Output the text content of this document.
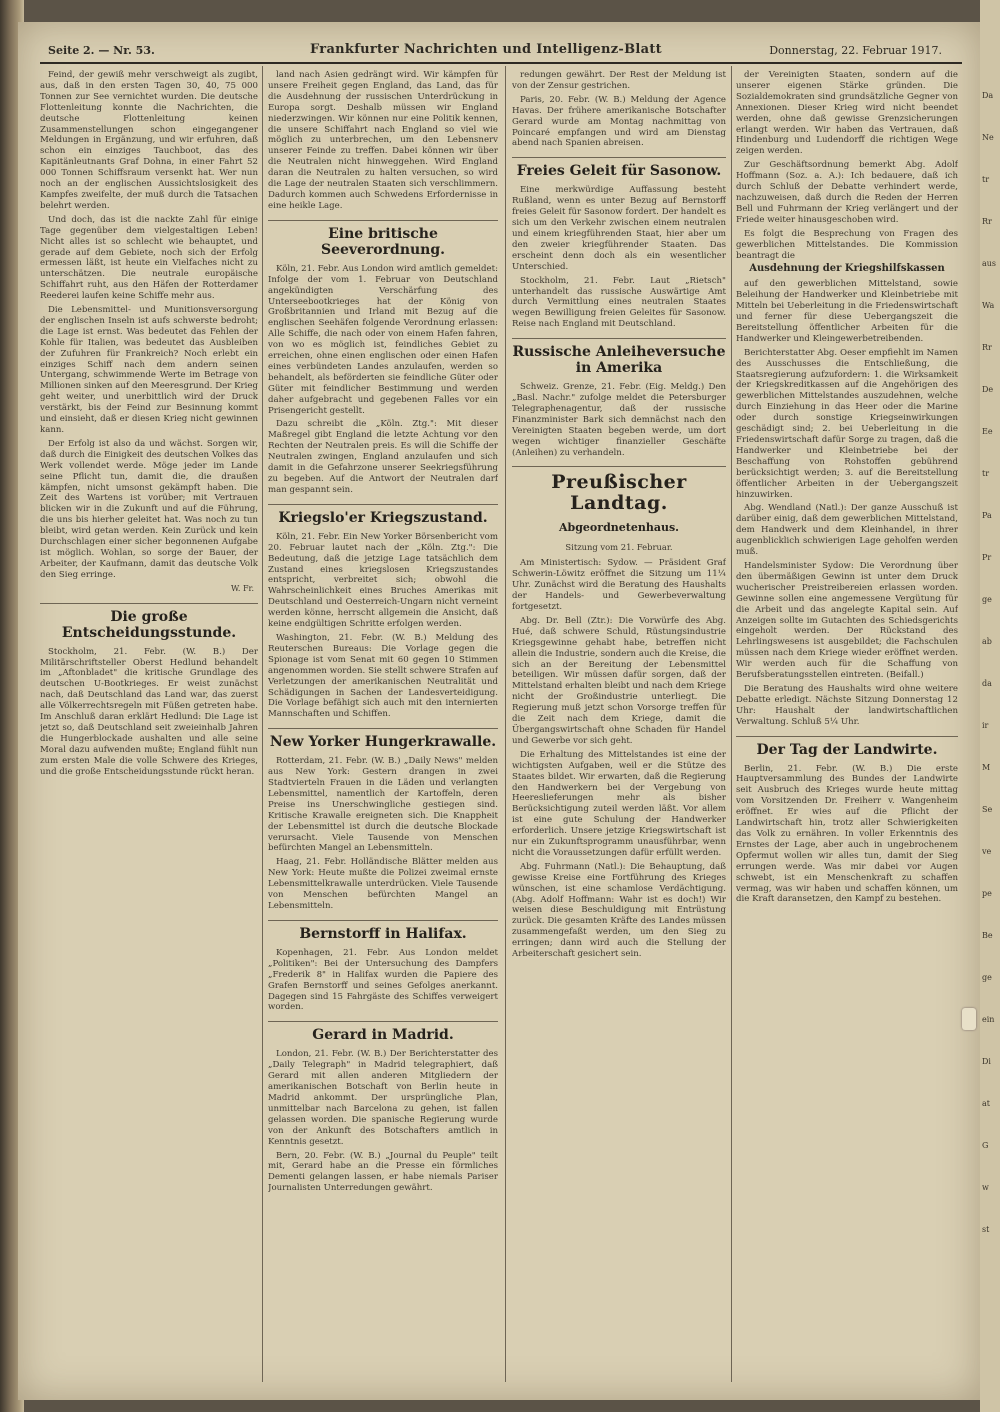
Da
Ne
tr
Rr
aus
Wa
Rr
De
Ee
tr
Pa
Pr
ge
ab
da
ir
M
Se
ve
pe
Be
ge
ein
Di
at
G
w
st
Seite 2. — Nr. 53.	Frankfurter Nachrichten und Intelligenz-Blatt	Donnerstag, 22. Februar 1917.

Feind, der gewiß mehr verschweigt als zugibt, aus, daß in den ersten Tagen 30, 40, 75 000 Tonnen zur See vernichtet wurden. Die deutsche Flottenleitung konnte die Nachrichten, die deutsche Flottenleitung keinen Zusammenstellungen schon eingegangener Meldungen in Ergänzung, und wir erfuhren, daß schon ein einziges Tauchboot, das des Kapitänleutnants Graf Dohna, in einer Fahrt 52 000 Tonnen Schiffsraum versenkt hat. Wer nun noch an der englischen Aussichtslosigkeit des Kampfes zweifelte, der muß durch die Tatsachen belehrt werden.

Und doch, das ist die nackte Zahl für einige Tage gegenüber dem vielgestaltigen Leben! Nicht alles ist so schlecht wie behauptet, und gerade auf dem Gebiete, noch sich der Erfolg ermessen läßt, ist heute ein Vielfaches nicht zu unterschätzen. Die neutrale europäische Schiffahrt ruht, aus den Häfen der Rotterdamer Reederei laufen keine Schiffe mehr aus.

Die Lebensmittel- und Munitionsversorgung der englischen Inseln ist aufs schwerste bedroht; die Lage ist ernst. Was bedeutet das Fehlen der Kohle für Italien, was bedeutet das Ausbleiben der Zufuhren für Frankreich? Noch erlebt ein einziges Schiff nach dem andern seinen Untergang, schwimmende Werte im Betrage von Millionen sinken auf den Meeresgrund. Der Krieg geht weiter, und unerbittlich wird der Druck verstärkt, bis der Feind zur Besinnung kommt und einsieht, daß er diesen Krieg nicht gewinnen kann.

Der Erfolg ist also da und wächst. Sorgen wir, daß durch die Einigkeit des deutschen Volkes das Werk vollendet werde. Möge jeder im Lande seine Pflicht tun, damit die, die draußen kämpfen, nicht umsonst gekämpft haben. Die Zeit des Wartens ist vorüber; mit Vertrauen blicken wir in die Zukunft und auf die Führung, die uns bis hierher geleitet hat. Was noch zu tun bleibt, wird getan werden. Kein Zurück und kein Durchschlagen einer sicher begonnenen Aufgabe ist möglich. Wohlan, so sorge der Bauer, der Arbeiter, der Kaufmann, damit das deutsche Volk den Sieg erringe.

W. Fr.
Die große Entscheidungsstunde.

Stockholm, 21. Febr. (W. B.) Der Militärschriftsteller Oberst Hedlund behandelt im „Aftonbladet" die kritische Grundlage des deutschen U-Bootkrieges. Er weist zunächst nach, daß Deutschland das Land war, das zuerst alle Völkerrechtsregeln mit Füßen getreten habe. Im Anschluß daran erklärt Hedlund: Die Lage ist jetzt so, daß Deutschland seit zweieinhalb Jahren die Hungerblockade aushalten und alle seine Moral dazu aufwenden mußte; England fühlt nun zum ersten Male die volle Schwere des Krieges, und die große Entscheidungsstunde rückt heran.

land nach Asien gedrängt wird. Wir kämpfen für unsere Freiheit gegen England, das Land, das für die Ausdehnung der russischen Unterdrückung in Europa sorgt. Deshalb müssen wir England niederzwingen. Wir können nur eine Politik kennen, die unsere Schiffahrt nach England so viel wie möglich zu unterbrechen, um den Lebensnerv unserer Feinde zu treffen. Dabei können wir über die Neutralen nicht hinweggehen. Wird England daran die Neutralen zu halten versuchen, so wird die Lage der neutralen Staaten sich verschlimmern. Dadurch kommen auch Schwedens Erfordernisse in eine heikle Lage.

Eine britische Seeverordnung.

Köln, 21. Febr. Aus London wird amtlich gemeldet: Infolge der vom 1. Februar von Deutschland angekündigten Verschärfung des Unterseebootkrieges hat der König von Großbritannien und Irland mit Bezug auf die englischen Seehäfen folgende Verordnung erlassen: Alle Schiffe, die nach oder von einem Hafen fahren, von wo es möglich ist, feindliches Gebiet zu erreichen, ohne einen englischen oder einen Hafen eines verbündeten Landes anzulaufen, werden so behandelt, als beförderten sie feindliche Güter oder Güter mit feindlicher Bestimmung und werden daher aufgebracht und gegebenen Falles vor ein Prisengericht gestellt.

Dazu schreibt die „Köln. Ztg.": Mit dieser Maßregel gibt England die letzte Achtung vor den Rechten der Neutralen preis. Es will die Schiffe der Neutralen zwingen, England anzulaufen und sich damit in die Gefahrzone unserer Seekriegsführung zu begeben. Auf die Antwort der Neutralen darf man gespannt sein.

Kriegslo'er Kriegszustand.

Köln, 21. Febr. Ein New Yorker Börsenbericht vom 20. Februar lautet nach der „Köln. Ztg.": Die Bedeutung, daß die jetzige Lage tatsächlich dem Zustand eines kriegslosen Kriegszustandes entspricht, verbreitet sich; obwohl die Wahrscheinlichkeit eines Bruches Amerikas mit Deutschland und Oesterreich-Ungarn nicht verneint werden könne, herrscht allgemein die Ansicht, daß keine endgültigen Schritte erfolgen werden.

Washington, 21. Febr. (W. B.) Meldung des Reuterschen Bureaus: Die Vorlage gegen die Spionage ist vom Senat mit 60 gegen 10 Stimmen angenommen worden. Sie stellt schwere Strafen auf Verletzungen der amerikanischen Neutralität und Schädigungen in Sachen der Landesverteidigung. Die Vorlage befähigt sich auch mit den internierten Mannschaften und Schiffen.

New Yorker Hungerkrawalle.

Rotterdam, 21. Febr. (W. B.) „Daily News" melden aus New York: Gestern drangen in zwei Stadtvierteln Frauen in die Läden und verlangten Lebensmittel, namentlich der Kartoffeln, deren Preise ins Unerschwingliche gestiegen sind. Kritische Krawalle ereigneten sich. Die Knappheit der Lebensmittel ist durch die deutsche Blockade verursacht. Viele Tausende von Menschen befürchten Mangel an Lebensmitteln.

Haag, 21. Febr. Holländische Blätter melden aus New York: Heute mußte die Polizei zweimal ernste Lebensmittelkrawalle unterdrücken. Viele Tausende von Menschen befürchten Mangel an Lebensmitteln.

Bernstorff in Halifax.

Kopenhagen, 21. Febr. Aus London meldet „Politiken": Bei der Untersuchung des Dampfers „Frederik 8" in Halifax wurden die Papiere des Grafen Bernstorff und seines Gefolges anerkannt. Dagegen sind 15 Fahrgäste des Schiffes verweigert worden.

Gerard in Madrid.

London, 21. Febr. (W. B.) Der Berichterstatter des „Daily Telegraph" in Madrid telegraphiert, daß Gerard mit allen anderen Mitgliedern der amerikanischen Botschaft von Berlin heute in Madrid ankommt. Der ursprüngliche Plan, unmittelbar nach Barcelona zu gehen, ist fallen gelassen worden. Die spanische Regierung wurde von der Ankunft des Botschafters amtlich in Kenntnis gesetzt.

Bern, 20. Febr. (W. B.) „Journal du Peuple" teilt mit, Gerard habe an die Presse ein förmliches Dementi gelangen lassen, er habe niemals Pariser Journalisten Unterredungen gewährt.

redungen gewährt. Der Rest der Meldung ist von der Zensur gestrichen.

Paris, 20. Febr. (W. B.) Meldung der Agence Havas. Der frühere amerikanische Botschafter Gerard wurde am Montag nachmittag von Poincaré empfangen und wird am Dienstag abend nach Spanien abreisen.

Freies Geleit für Sasonow.

Eine merkwürdige Auffassung besteht Rußland, wenn es unter Bezug auf Bernstorff freies Geleit für Sasonow fordert. Der handelt es sich um den Verkehr zwischen einem neutralen und einem kriegführenden Staat, hier aber um den zweier kriegführender Staaten. Das erscheint denn doch als ein wesentlicher Unterschied.

Stockholm, 21. Febr. Laut „Rietsch" unterhandelt das russische Auswärtige Amt durch Vermittlung eines neutralen Staates wegen Bewilligung freien Geleites für Sasonow. Reise nach England mit Deutschland.

Russische Anleiheversuche in Amerika

Schweiz. Grenze, 21. Febr. (Eig. Meldg.) Den „Basl. Nachr." zufolge meldet die Petersburger Telegraphenagentur, daß der russische Finanzminister Bark sich demnächst nach den Vereinigten Staaten begeben werde, um dort wegen wichtiger finanzieller Geschäfte (Anleihen) zu verhandeln.

Preußischer Landtag.
Abgeordnetenhaus.
Sitzung vom 21. Februar.

Am Ministertisch: Sydow. — Präsident Graf Schwerin-Löwitz eröffnet die Sitzung um 11¼ Uhr. Zunächst wird die Beratung des Haushalts der Handels- und Gewerbeverwaltung fortgesetzt.

Abg. Dr. Bell (Ztr.): Die Vorwürfe des Abg. Hué, daß schwere Schuld, Rüstungsindustrie Kriegsgewinne gehabt habe, betreffen nicht allein die Industrie, sondern auch die Kreise, die sich an der Bereitung der Lebensmittel beteiligen. Wir müssen dafür sorgen, daß der Mittelstand erhalten bleibt und nach dem Kriege nicht der Großindustrie unterliegt. Die Regierung muß jetzt schon Vorsorge treffen für die Zeit nach dem Kriege, damit die Übergangswirtschaft ohne Schaden für Handel und Gewerbe vor sich geht.

Die Erhaltung des Mittelstandes ist eine der wichtigsten Aufgaben, weil er die Stütze des Staates bildet. Wir erwarten, daß die Regierung den Handwerkern bei der Vergebung von Heereslieferungen mehr als bisher Berücksichtigung zuteil werden läßt. Vor allem ist eine gute Schulung der Handwerker erforderlich. Unsere jetzige Kriegswirtschaft ist nur ein Zukunftsprogramm unausführbar, wenn nicht die Voraussetzungen dafür erfüllt werden.

Abg. Fuhrmann (Natl.): Die Behauptung, daß gewisse Kreise eine Fortführung des Krieges wünschen, ist eine schamlose Verdächtigung. (Abg. Adolf Hoffmann: Wahr ist es doch!) Wir weisen diese Beschuldigung mit Entrüstung zurück. Die gesamten Kräfte des Landes müssen zusammengefaßt werden, um den Sieg zu erringen; dann wird auch die Stellung der Arbeiterschaft gesichert sein.

der Vereinigten Staaten, sondern auf die unserer eigenen Stärke gründen. Die Sozialdemokraten sind grundsätzliche Gegner von Annexionen. Dieser Krieg wird nicht beendet werden, ohne daß gewisse Grenzsicherungen erlangt werden. Wir haben das Vertrauen, daß Hindenburg und Ludendorff die richtigen Wege zeigen werden.

Zur Geschäftsordnung bemerkt Abg. Adolf Hoffmann (Soz. a. A.): Ich bedauere, daß ich durch Schluß der Debatte verhindert werde, nachzuweisen, daß durch die Reden der Herren Bell und Fuhrmann der Krieg verlängert und der Friede weiter hinausgeschoben wird.

Es folgt die Besprechung von Fragen des gewerblichen Mittelstandes. Die Kommission beantragt die

Ausdehnung der Kriegshilfskassen

auf den gewerblichen Mittelstand, sowie Beleihung der Handwerker und Kleinbetriebe mit Mitteln bei Ueberleitung in die Friedenswirtschaft und ferner für diese Uebergangszeit die Bereitstellung öffentlicher Arbeiten für die Handwerker und Kleingewerbetreibenden.

Berichterstatter Abg. Oeser empfiehlt im Namen des Ausschusses die Entschließung, die Staatsregierung aufzufordern: 1. die Wirksamkeit der Kriegskreditkassen auf die Angehörigen des gewerblichen Mittelstandes auszudehnen, welche durch Einziehung in das Heer oder die Marine oder durch sonstige Kriegseinwirkungen geschädigt sind; 2. bei Ueberleitung in die Friedenswirtschaft dafür Sorge zu tragen, daß die Handwerker und Kleinbetriebe bei der Beschaffung von Rohstoffen gebührend berücksichtigt werden; 3. auf die Bereitstellung öffentlicher Arbeiten in der Uebergangszeit hinzuwirken.

Abg. Wendland (Natl.): Der ganze Ausschuß ist darüber einig, daß dem gewerblichen Mittelstand, dem Handwerk und dem Kleinhandel, in ihrer augenblicklich schwierigen Lage geholfen werden muß.

Handelsminister Sydow: Die Verordnung über den übermäßigen Gewinn ist unter dem Druck wucherischer Preistreibereien erlassen worden. Gewinne sollen eine angemessene Vergütung für die Arbeit und das angelegte Kapital sein. Auf Anzeigen sollte im Gutachten des Schiedsgerichts eingeholt werden. Der Rückstand des Lehrlingswesens ist ausgebildet; die Fachschulen müssen nach dem Kriege wieder eröffnet werden. Wir werden auch für die Schaffung von Berufsberatungsstellen eintreten. (Beifall.)

Die Beratung des Haushalts wird ohne weitere Debatte erledigt. Nächste Sitzung Donnerstag 12 Uhr: Haushalt der landwirtschaftlichen Verwaltung. Schluß 5¼ Uhr.

Der Tag der Landwirte.

Berlin, 21. Febr. (W. B.) Die erste Hauptversammlung des Bundes der Landwirte seit Ausbruch des Krieges wurde heute mittag vom Vorsitzenden Dr. Freiherr v. Wangenheim eröffnet. Er wies auf die Pflicht der Landwirtschaft hin, trotz aller Schwierigkeiten das Volk zu ernähren. In voller Erkenntnis des Ernstes der Lage, aber auch in ungebrochenem Opfermut wollen wir alles tun, damit der Sieg errungen werde. Was mir dabei vor Augen schwebt, ist ein Menschenkraft zu schaffen vermag, was wir haben und schaffen können, um die Kraft daransetzen, den Kampf zu bestehen.
